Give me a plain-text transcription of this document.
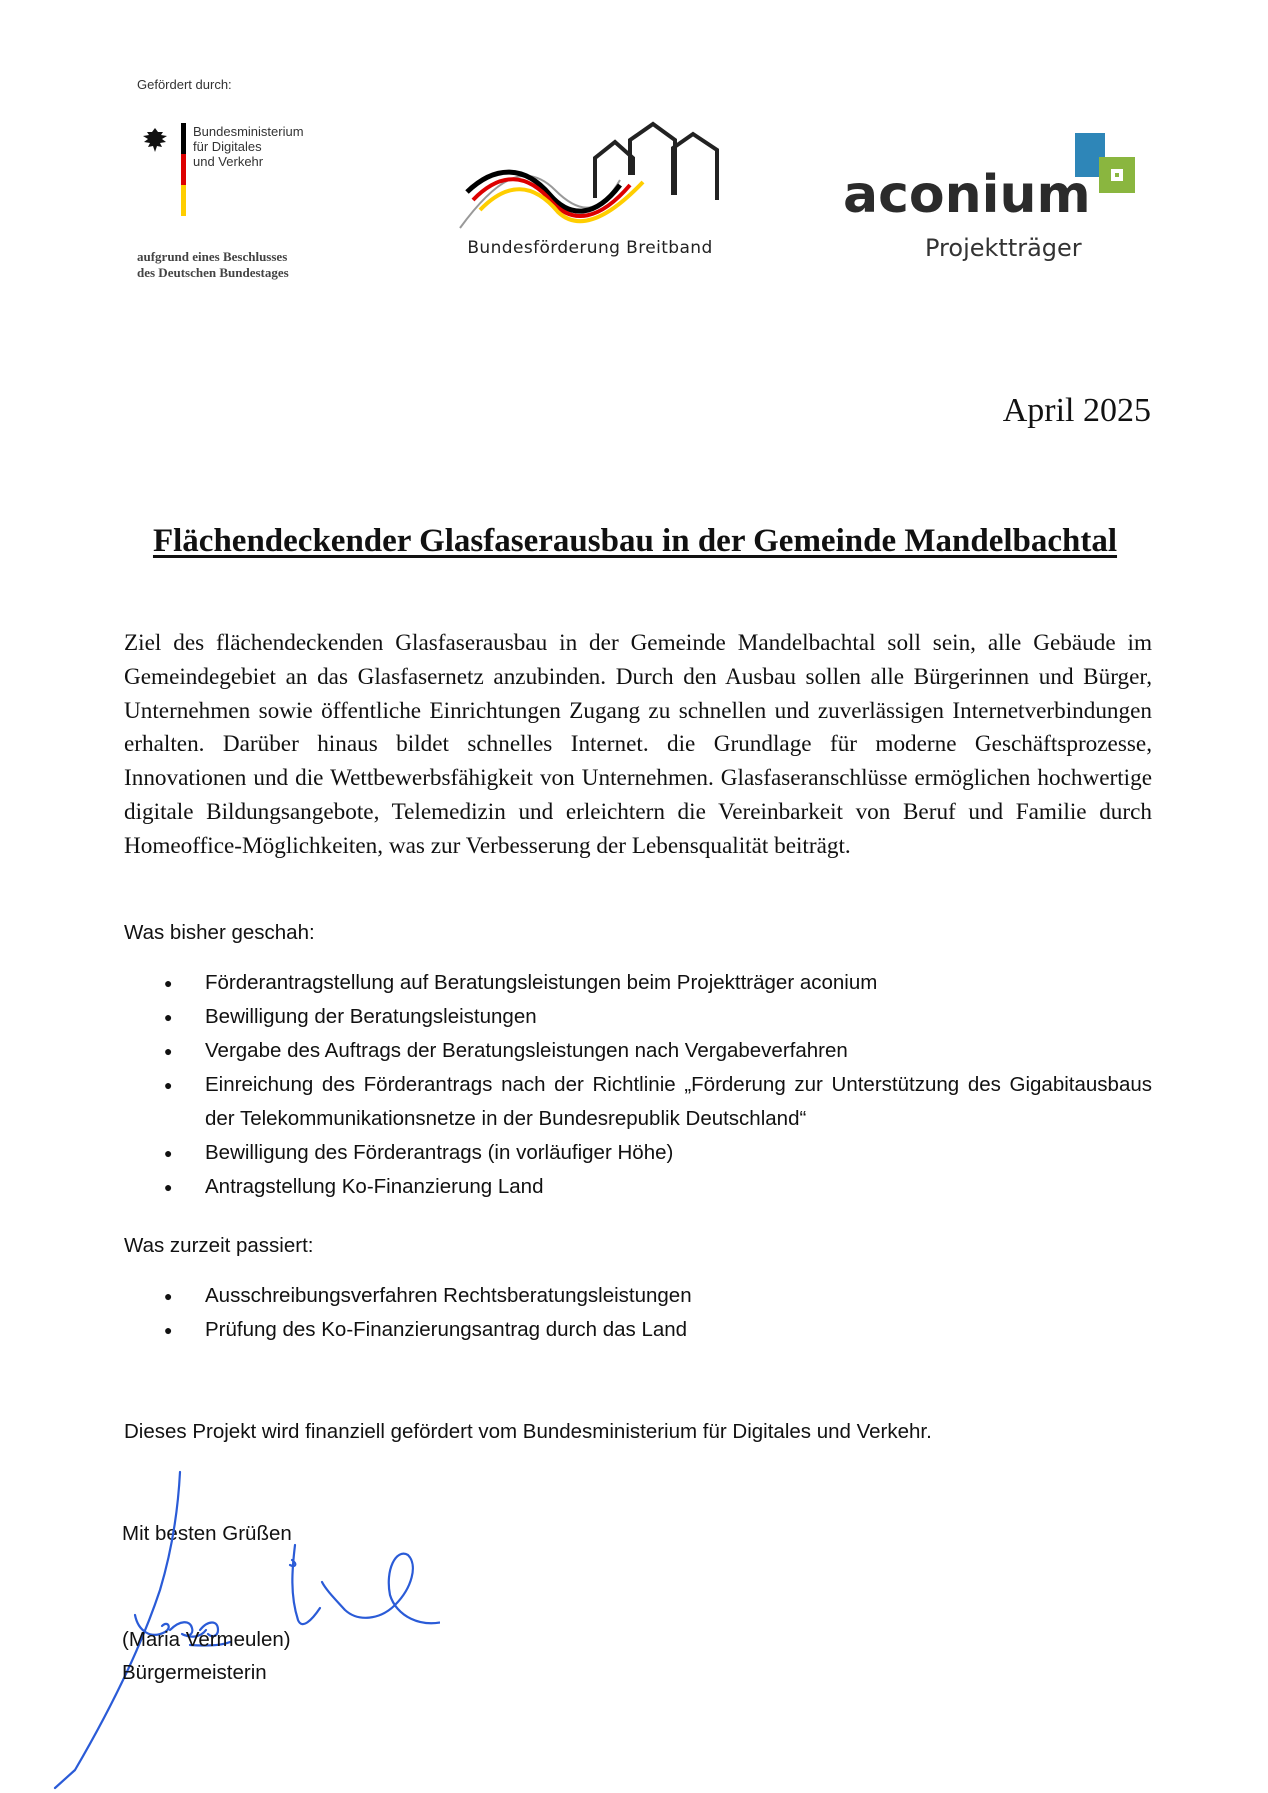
Gefördert durch:
Bundesministerium
für Digitales
und Verkehr
aufgrund eines Beschlusses
des Deutschen Bundestages
Bundesförderung Breitband
aconium
Projektträger
April 2025
Flächendeckender Glasfaserausbau in der Gemeinde Mandelbachtal
Ziel des flächendeckenden Glasfaserausbau in der Gemeinde Mandelbachtal soll sein, alle Gebäude im Gemeindegebiet an das Glasfasernetz anzubinden. Durch den Ausbau sollen alle Bürgerinnen und Bürger, Unternehmen sowie öffentliche Einrichtungen Zugang zu schnellen und zuverlässigen Internetverbindungen erhalten. Darüber hinaus bildet schnelles Internet. die Grundlage für moderne Geschäftsprozesse, Innovationen und die Wettbewerbsfähigkeit von Unternehmen. Glasfaseranschlüsse ermöglichen hochwertige digitale Bildungsangebote, Telemedizin und erleichtern die Vereinbarkeit von Beruf und Familie durch Homeoffice-Möglichkeiten, was zur Verbesserung der Lebensqualität beiträgt.
Was bisher geschah:
● Förderantragstellung auf Beratungsleistungen beim Projektträger aconium
● Bewilligung der Beratungsleistungen
● Vergabe des Auftrags der Beratungsleistungen nach Vergabeverfahren
● Einreichung des Förderantrags nach der Richtlinie „Förderung zur Unterstützung des Gigabitausbaus der Telekommunikationsnetze in der Bundesrepublik Deutschland“
● Bewilligung des Förderantrags (in vorläufiger Höhe)
● Antragstellung Ko-Finanzierung Land
Was zurzeit passiert:
● Ausschreibungsverfahren Rechtsberatungsleistungen
● Prüfung des Ko-Finanzierungsantrag durch das Land
Dieses Projekt wird finanziell gefördert vom Bundesministerium für Digitales und Verkehr.
Mit besten Grüßen
(Maria Vermeulen)
Bürgermeisterin
